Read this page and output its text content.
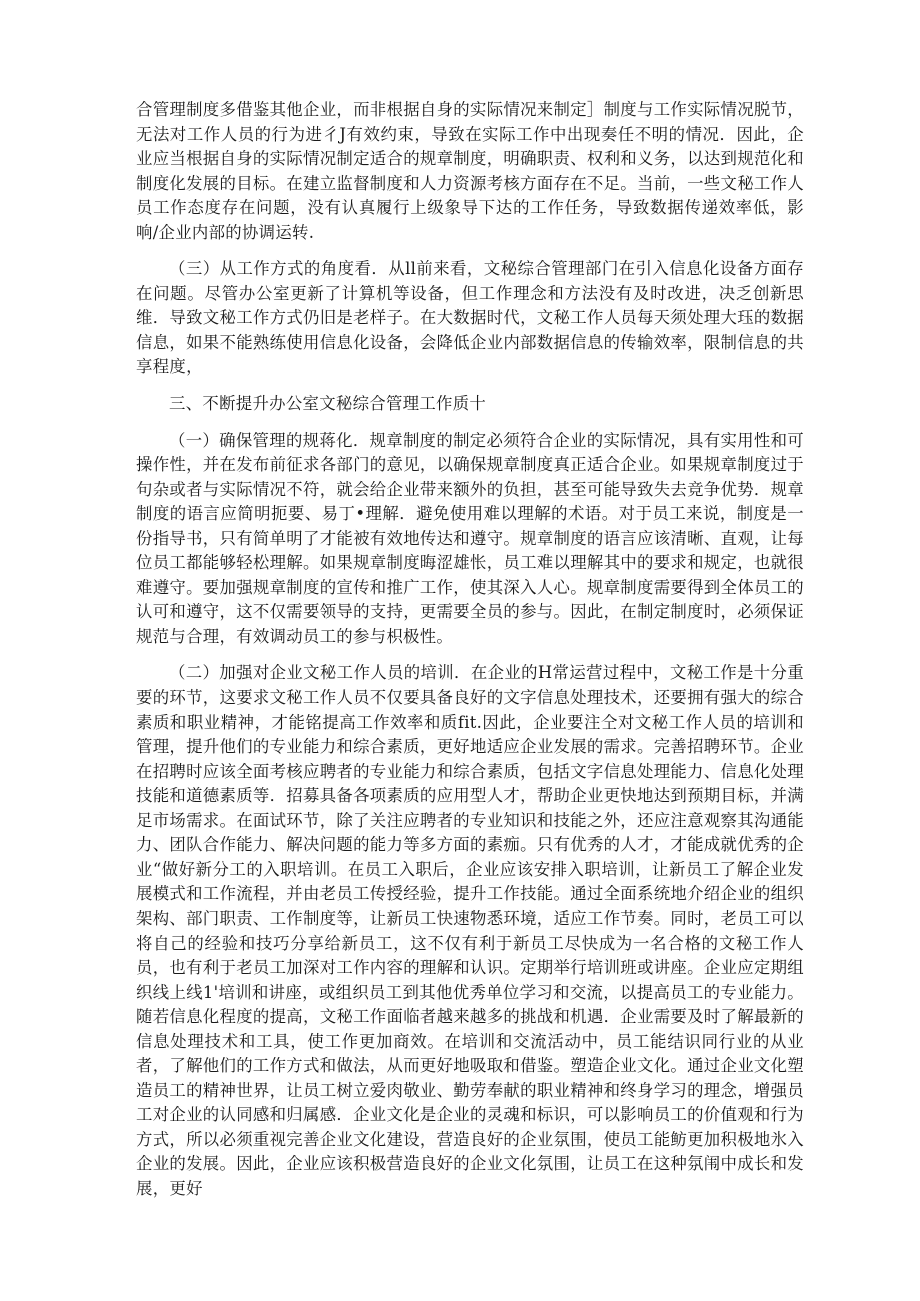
合管理制度多借鉴其他企业，而非根据自身的实际情况来制定］制度与工作实际情况脱节，无法对工作人员的行为进彳J有效约束，导致在实际工作中出现奏任不明的情况．因此，企业应当根据自身的实际情况制定适合的规章制度，明确职责、权利和义务，以达到规范化和制度化发展的目标。在建立监督制度和人力资源考核方面存在不足。当前，一些文秘工作人员工作态度存在问题，没有认真履行上级象导下达的工作任务，导致数据传递效率低，影响/企业内部的协调运转.

（三）从工作方式的角度看．从ll前来看，文秘综合管理部门在引入信息化设备方面存在问题。尽管办公室更新了计算机等设备，但工作理念和方法没有及时改进，决乏创新思维．导致文秘工作方式仍旧是老样子。在大数据时代，文秘工作人员每天须处理大珏的数据信息，如果不能熟练使用信息化设备，会降低企业内部数据信息的传输效率，限制信息的共享程度，

三、不断提升办公室文秘综合管理工作质十

（一）确保管理的规蒋化．规章制度的制定必须符合企业的实际情况，具有实用性和可操作性，并在发布前征求各部门的意见，以确保规章制度真正适合企业。如果规章制度过于句杂或者与实际情况不符，就会给企业带来额外的负担，甚至可能导致失去竞争优势．规章制度的语言应简明扼要、易丁•理解．避免使用难以理解的术语。对于员工来说，制度是一份指导书，只有简单明了才能被有效地传达和遵守。规章制度的语言应该清晰、直观，让每位员工都能够轻松理解。如果规章制度晦涩雄怅，员工难以理解其中的要求和规定，也就很难遵守。要加强规章制度的宣传和推广工作，使其深入人心。规章制度需要得到全体员工的认可和遵守，这不仅需要领导的支持，更需要全员的参与。因此，在制定制度时，必须保证规范与合理，有效调动员工的参与枳极性。

（二）加强对企业文秘工作人员的培训．在企业的H常运营过程中，文秘工作是十分重要的环节，这要求文秘工作人员不仅要具备良好的文字信息处理技术，还要拥有强大的综合素质和职业精神，才能铭提高工作效率和质fit.因此，企业要注仝对文秘工作人员的培训和管理，提升他们的专业能力和综合素质，更好地适应企业发展的需求。完善招聘环节。企业在招聘时应该全面考核应聘者的专业能力和综合素质，包括文字信息处理能力、信息化处理技能和道德素质等．招募具备各项素质的应用型人才，帮助企业更快地达到预期目标，并满足市场需求。在面试环节，除了关注应聘者的专业知识和技能之外，还应注意观察其沟通能力、团队合作能力、解决问题的能力等多方面的素痂。只有优秀的人才，才能成就优秀的企业“做好新分工的入职培训。在员工入职后，企业应该安排入职培训，让新员工了解企业发展模式和工作流程，并由老员工传授经验，提升工作技能。通过全面系统地介绍企业的组织架构、部门职责、工作制度等，让新员工快速物悉环境，适应工作节奏。同时，老员工可以将自己的经验和技巧分享给新员工，这不仅有利于新员工尽快成为一名合格的文秘工作人员，也有利于老员工加深对工作内容的理解和认识。定期举行培训班或讲座。企业应定期组织线上线1'培训和讲座，或组织员工到其他优秀单位学习和交流，以提高员工的专业能力。随若信息化程度的提高，文秘工作面临者越来越多的挑战和机遇．企业需要及时了解最新的信息处理技术和工具，使工作更加商效。在培训和交流活动中，员工能结识同行业的从业者，了解他们的工作方式和做法，从而更好地吸取和借鉴。塑造企业文化。通过企业文化塑造员工的精神世界，让员工树立爱肉敬业、勤劳奉献的职业精神和终身学习的理念，增强员工对企业的认同感和归属感．企业文化是企业的灵魂和标识，可以影响员工的价值观和行为方式，所以必须重视完善企业文化建设，营造良好的企业氛围，使员工能鲂更加积极地氷入企业的发展。因此，企业应该积极营造良好的企业文化氛围，让员工在这种氛闱中成长和发展，更好
